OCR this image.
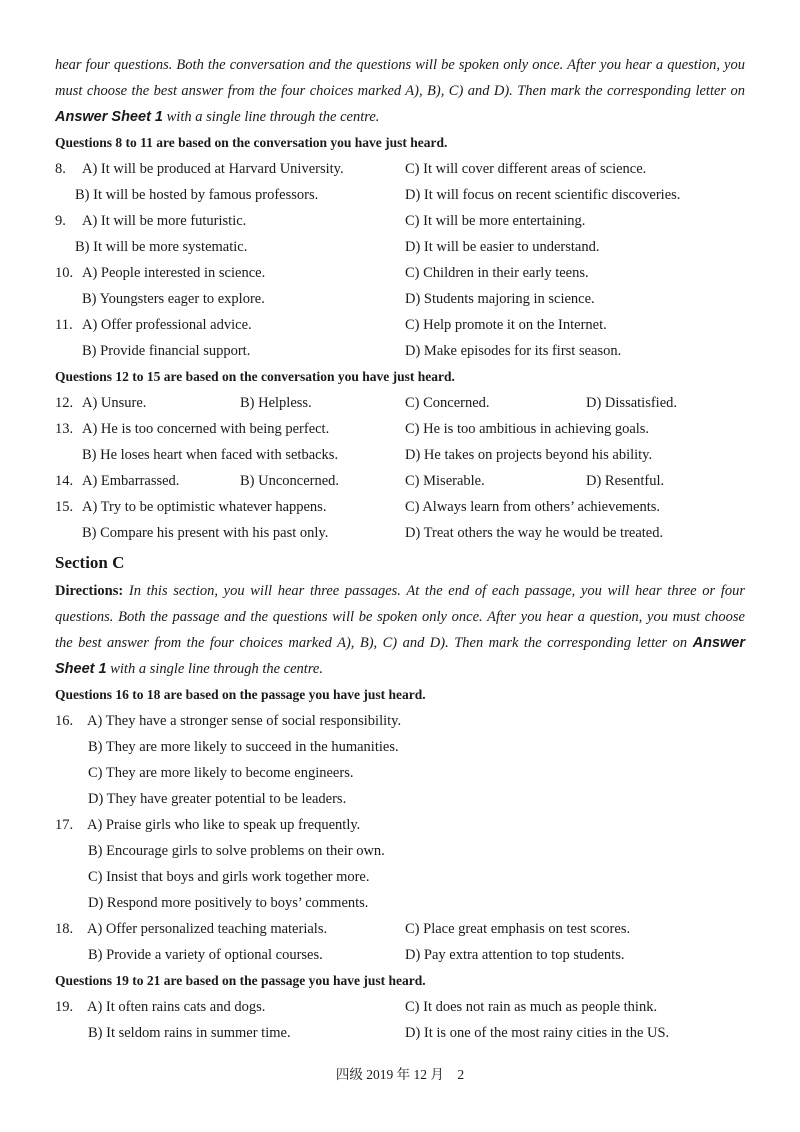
hear four questions. Both the conversation and the questions will be spoken only once. After you hear a question, you must choose the best answer from the four choices marked A), B), C) and D). Then mark the corresponding letter on Answer Sheet 1 with a single line through the centre.
Questions 8 to 11 are based on the conversation you have just heard.
8. A) It will be produced at Harvard University.	C) It will cover different areas of science.
B) It will be hosted by famous professors.	D) It will focus on recent scientific discoveries.
9. A) It will be more futuristic.	C) It will be more entertaining.
B) It will be more systematic.	D) It will be easier to understand.
10. A) People interested in science.	C) Children in their early teens.
B) Youngsters eager to explore.	D) Students majoring in science.
11. A) Offer professional advice.	C) Help promote it on the Internet.
B) Provide financial support.	D) Make episodes for its first season.
Questions 12 to 15 are based on the conversation you have just heard.
12. A) Unsure.	B) Helpless.	C) Concerned.	D) Dissatisfied.
13. A) He is too concerned with being perfect.	C) He is too ambitious in achieving goals.
B) He loses heart when faced with setbacks.	D) He takes on projects beyond his ability.
14. A) Embarrassed.	B) Unconcerned.	C) Miserable.	D) Resentful.
15. A) Try to be optimistic whatever happens.	C) Always learn from others’ achievements.
B) Compare his present with his past only.	D) Treat others the way he would be treated.
Section C
Directions: In this section, you will hear three passages. At the end of each passage, you will hear three or four questions. Both the passage and the questions will be spoken only once. After you hear a question, you must choose the best answer from the four choices marked A), B), C) and D). Then mark the corresponding letter on Answer Sheet 1 with a single line through the centre.
Questions 16 to 18 are based on the passage you have just heard.
16. A) They have a stronger sense of social responsibility.
B) They are more likely to succeed in the humanities.
C) They are more likely to become engineers.
D) They have greater potential to be leaders.
17. A) Praise girls who like to speak up frequently.
B) Encourage girls to solve problems on their own.
C) Insist that boys and girls work together more.
D) Respond more positively to boys’ comments.
18. A) Offer personalized teaching materials.	C) Place great emphasis on test scores.
B) Provide a variety of optional courses.	D) Pay extra attention to top students.
Questions 19 to 21 are based on the passage you have just heard.
19. A) It often rains cats and dogs.	C) It does not rain as much as people think.
B) It seldom rains in summer time.	D) It is one of the most rainy cities in the US.
四级 2019 年 12 月　2
